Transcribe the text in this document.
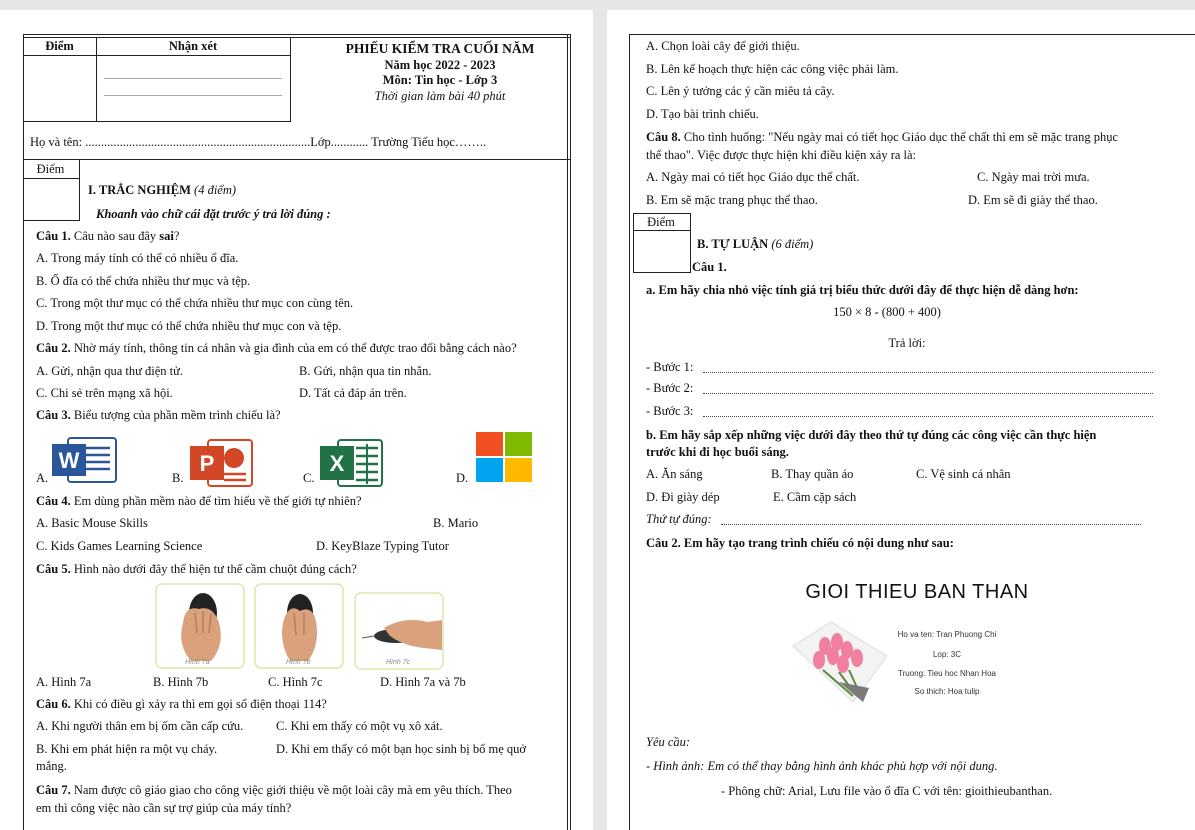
Điểm	Nhận xét	PHIẾU KIỂM TRA CUỐI NĂM
Năm học 2022 - 2023
Môn: Tin học - Lớp 3
Thời gian làm bài 40 phút
Họ và tên: ........................................................................Lớp............ Trường Tiểu học……..
Điểm
I. TRẮC NGHIỆM (4 điểm)
Khoanh vào chữ cái đặt trước ý trả lời đúng :
Câu 1. Câu nào sau đây sai?
A. Trong máy tính có thể có nhiều ổ đĩa.
B. Ổ đĩa có thể chứa nhiều thư mục và tệp.
C. Trong một thư mục có thể chứa nhiều thư mục con cùng tên.
D. Trong một thư mục có thể chứa nhiều thư mục con và tệp.
Câu 2. Nhờ máy tính, thông tin cá nhân và gia đình của em có thể được trao đổi bằng cách nào?
A. Gửi, nhận qua thư điện tử.	B. Gửi, nhận qua tin nhắn.
C. Chi sẻ trên mạng xã hội.	D. Tất cả đáp án trên.
Câu 3. Biểu tượng của phần mềm trình chiếu là?
A.
W
B.
P
C.
X
D.
Câu 4. Em dùng phần mềm nào để tìm hiểu về thế giới tự nhiên?
A. Basic Mouse Skills	B. Mario
C. Kids Games Learning Science	D. KeyBlaze Typing Tutor
Câu 5. Hình nào dưới đây thể hiện tư thế cầm chuột đúng cách?
Hình 7a	Hình 7b	Hình 7c
A. Hình 7a	B. Hình 7b	C. Hình 7c	D. Hình 7a và 7b
Câu 6. Khi có điều gì xảy ra thì em gọi số điện thoại 114?
A. Khi người thân em bị ốm cần cấp cứu.	C. Khi em thấy có một vụ xô xát.
B. Khi em phát hiện ra một vụ cháy.	D. Khi em thấy có một bạn học sinh bị bố mẹ quở
mắng.
Câu 7. Nam được cô giáo giao cho công việc giới thiệu về một loài cây mà em yêu thích. Theo
em thì công việc nào cần sự trợ giúp của máy tính?
A. Chọn loài cây để giới thiệu.
B. Lên kế hoạch thực hiện các công việc phải làm.
C. Lên ý tưởng các ý cần miêu tả cây.
D. Tạo bài trình chiếu.
Câu 8. Cho tình huống: "Nếu ngày mai có tiết học Giáo dục thể chất thì em sẽ mặc trang phục
thể thao". Việc được thực hiện khi điều kiện xảy ra là:
A. Ngày mai có tiết học Giáo dục thể chất.	C. Ngày mai trời mưa.
B. Em sẽ mặc trang phục thể thao.	D. Em sẽ đi giày thể thao.
Điểm
B. TỰ LUẬN (6 điểm)
Câu 1.
a. Em hãy chia nhỏ việc tính giá trị biểu thức dưới đây để thực hiện dễ dàng hơn:
150 × 8 - (800 + 400)
Trả lời:
- Bước 1:
- Bước 2:
- Bước 3:
b. Em hãy sắp xếp những việc dưới đây theo thứ tự đúng các công việc cần thực hiện
trước khi đi học buổi sáng.
A. Ăn sáng	B. Thay quần áo	C. Vệ sinh cá nhân
D. Đi giày dép	E. Cầm cặp sách
Thứ tự đúng:
Câu 2. Em hãy tạo trang trình chiếu có nội dung như sau:
GIOI THIEU BAN THAN
Ho va ten: Tran Phuong Chi
Lop: 3C
Truong: Tieu hoc Nhan Hoa
So thich: Hoa tulip
Yêu cầu:
- Hình ảnh: Em có thể thay bằng hình ảnh khác phù hợp với nội dung.
- Phông chữ: Arial, Lưu file vào ổ đĩa C với tên: gioithieubanthan.
